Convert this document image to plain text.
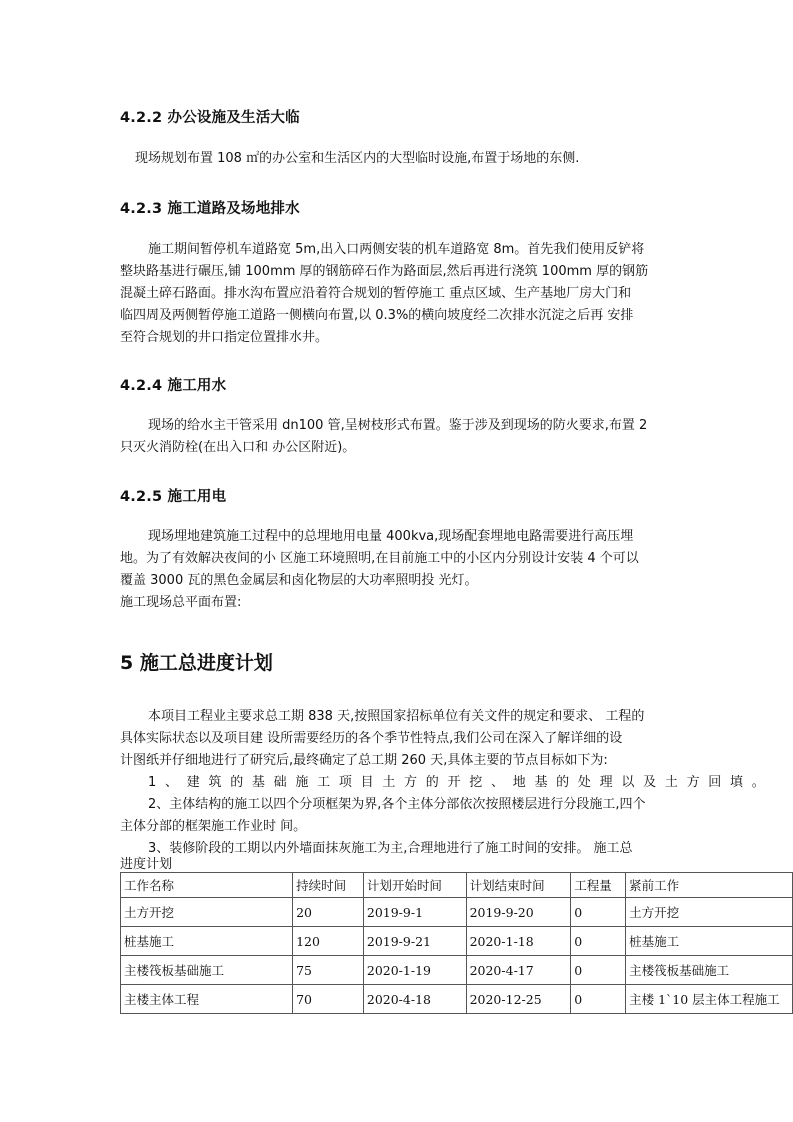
4.2.2 办公设施及生活大临
现场规划布置 108 ㎡的办公室和生活区内的大型临时设施,布置于场地的东侧.
4.2.3 施工道路及场地排水
施工期间暂停机车道路宽 5m,出入口两侧安装的机车道路宽 8m。首先我们使用反铲将
整块路基进行碾压,铺 100mm 厚的钢筋碎石作为路面层,然后再进行浇筑 100mm 厚的钢筋
混凝土碎石路面。排水沟布置应沿着符合规划的暂停施工 重点区域、生产基地厂房大门和
临四周及两侧暂停施工道路一侧横向布置,以 0.3%的横向坡度经二次排水沉淀之后再 安排
至符合规划的井口指定位置排水井。
4.2.4 施工用水
现场的给水主干管采用 dn100 管,呈树枝形式布置。鉴于涉及到现场的防火要求,布置 2
只灭火消防栓(在出入口和 办公区附近)。
4.2.5 施工用电
现场埋地建筑施工过程中的总埋地用电量 400kva,现场配套埋地电路需要进行高压埋
地。为了有效解决夜间的小 区施工环境照明,在目前施工中的小区内分别设计安装 4 个可以
覆盖 3000 瓦的黑色金属层和卤化物层的大功率照明投 光灯。
施工现场总平面布置:
5 施工总进度计划
本项目工程业主要求总工期 838 天,按照国家招标单位有关文件的规定和要求、 工程的
具体实际状态以及项目建 设所需要经历的各个季节性特点,我们公司在深入了解详细的设
计图纸并仔细地进行了研究后,最终确定了总工期 260 天,具体主要的节点目标如下为:
1 、 建 筑 的 基 础 施 工 项 目 土 方 的 开 挖 、 地 基 的 处 理 以 及 土 方 回 填 。
2、主体结构的施工以四个分项框架为界,各个主体分部依次按照楼层进行分段施工,四个
主体分部的框架施工作业时 间。
3、装修阶段的工期以内外墙面抹灰施工为主,合理地进行了施工时间的安排。 施工总
进度计划
工作名称	持续时间	计划开始时间	计划结束时间	工程量	紧前工作
土方开挖	20	2019-9-1	2019-9-20	0	土方开挖
桩基施工	120	2019-9-21	2020-1-18	0	桩基施工
主楼筏板基础施工	75	2020-1-19	2020-4-17	0	主楼筏板基础施工
主楼主体工程	70	2020-4-18	2020-12-25	0	主楼 1`10 层主体工程施工
